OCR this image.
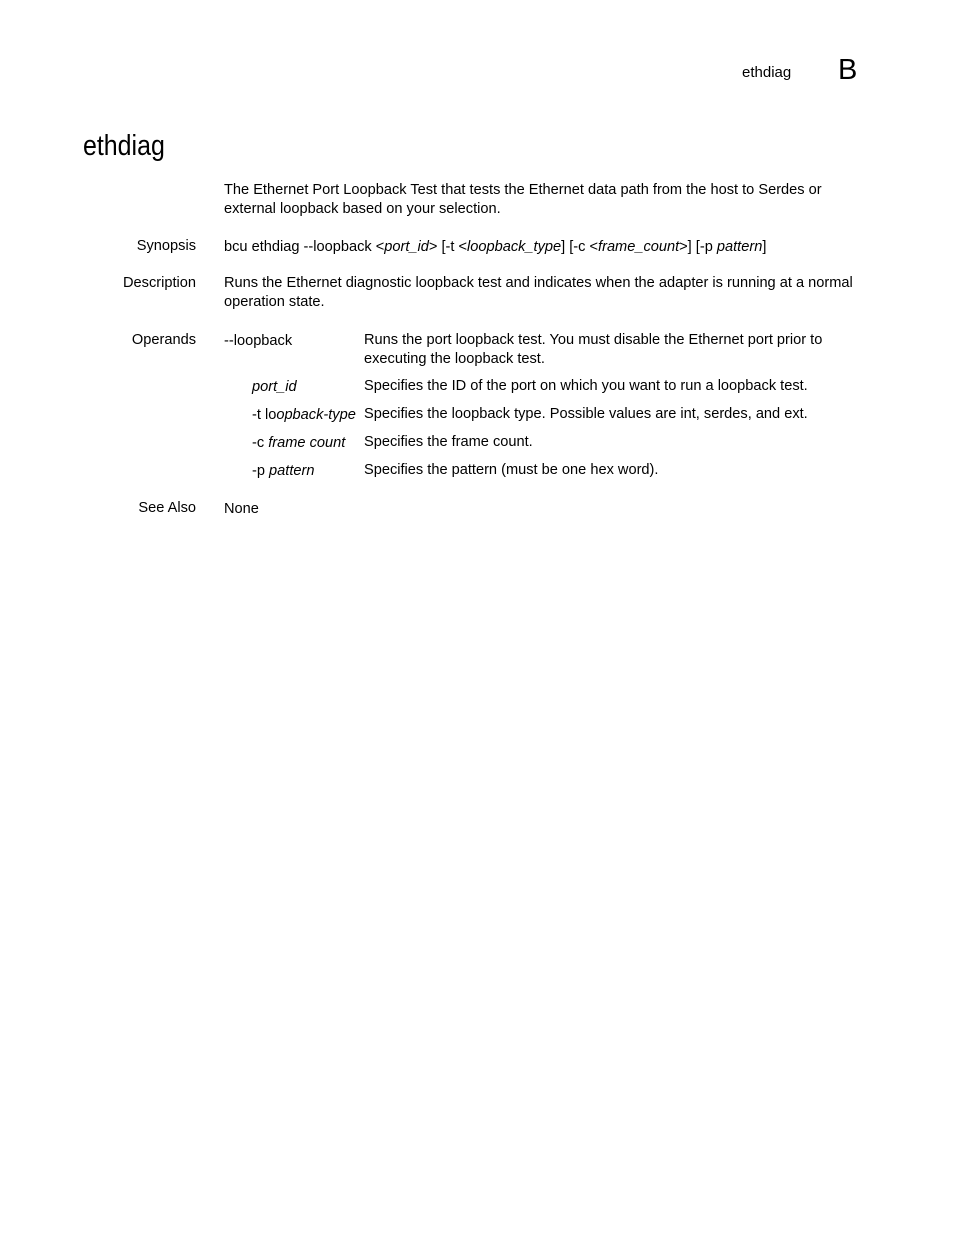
ethdiag B
ethdiag
The Ethernet Port Loopback Test that tests the Ethernet data path from the host to Serdes or external loopback based on your selection.
Synopsis bcu ethdiag --loopback <port_id> [-t <loopback_type] [-c <frame_count>] [-p pattern]
Description Runs the Ethernet diagnostic loopback test and indicates when the adapter is running at a normal operation state.
Operands --loopback	Runs the port loopback test. You must disable the Ethernet port prior to executing the loopback test.
port_id	Specifies the ID of the port on which you want to run a loopback test.
-t loopback-type Specifies the loopback type. Possible values are int, serdes, and ext.
-c frame count Specifies the frame count.
-p pattern	Specifies the pattern (must be one hex word).
See Also None
